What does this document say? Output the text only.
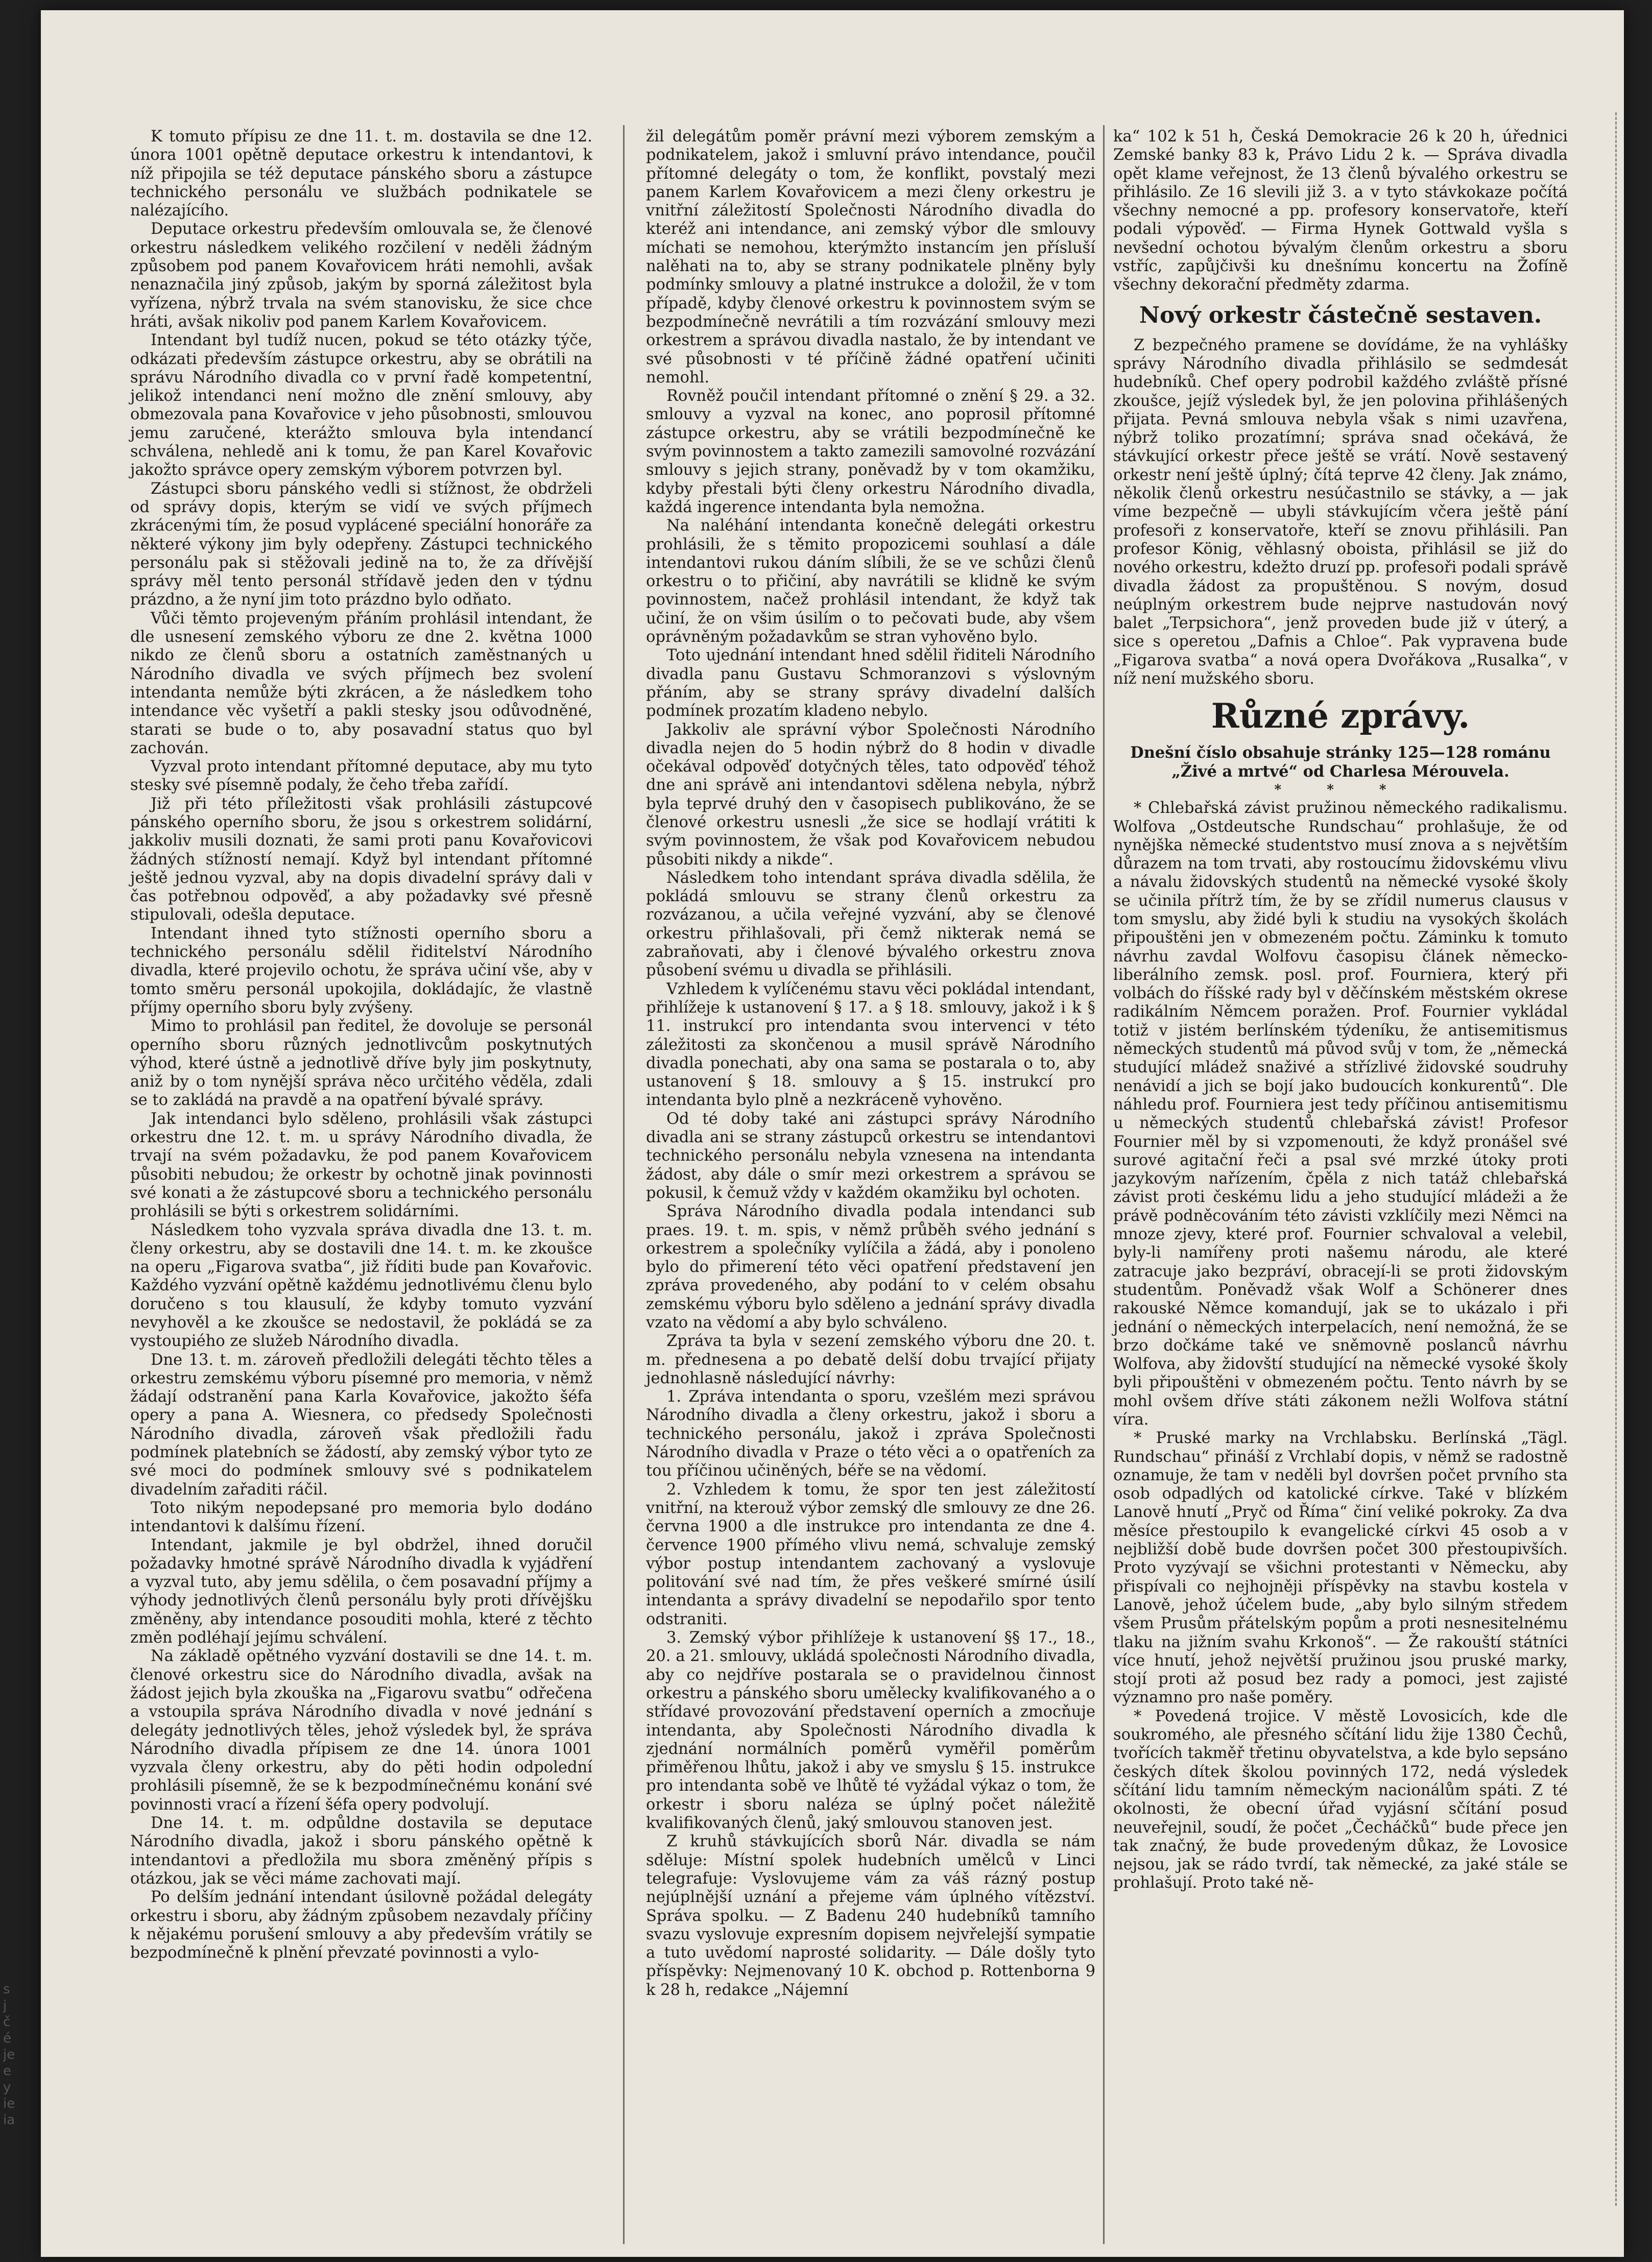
K tomuto přípisu ze dne 11. t. m. dostavila se dne 12. února 1001 opětně deputace orkestru k intendantovi, k níž připojila se též deputace pánského sboru a zástupce technického personálu ve službách podnikatele se nalézajícího.

Deputace orkestru především omlouvala se, že členové orkestru následkem velikého rozčilení v neděli žádným způsobem pod panem Kovařovicem hráti nemohli, avšak nenaznačila jiný způsob, jakým by sporná záležitost byla vyřízena, nýbrž trvala na svém stanovisku, že sice chce hráti, avšak nikoliv pod panem Karlem Kovařovicem.

Intendant byl tudíž nucen, pokud se této otázky týče, odkázati především zástupce orkestru, aby se obrátili na správu Národního divadla co v první řadě kompetentní, jelikož intendanci není možno dle znění smlouvy, aby obmezovala pana Kovařovice v jeho působnosti, smlouvou jemu zaručené, kterážto smlouva byla intendancí schválena, nehledě ani k tomu, že pan Karel Kovařovic jakožto správce opery zemským výborem potvrzen byl.

Zástupci sboru pánského vedli si stížnost, že obdrželi od správy dopis, kterým se vidí ve svých příjmech zkrácenými tím, že posud vyplácené speciální honoráře za některé výkony jim byly odepřeny. Zástupci technického personálu pak si stěžovali jedině na to, že za dřívější správy měl tento personál střídavě jeden den v týdnu prázdno, a že nyní jim toto prázdno bylo odňato.

Vůči těmto projeveným přáním prohlásil intendant, že dle usnesení zemského výboru ze dne 2. května 1000 nikdo ze členů sboru a ostatních zaměstnaných u Národního divadla ve svých příjmech bez svolení intendanta nemůže býti zkrácen, a že následkem toho intendance věc vyšetří a pakli stesky jsou odůvodněné, starati se bude o to, aby posavadní status quo byl zachován.

Vyzval proto intendant přítomné deputace, aby mu tyto stesky své písemně podaly, že čeho třeba zařídí.

Již při této příležitosti však prohlásili zástupcové pánského operního sboru, že jsou s orkestrem solidární, jakkoliv musili doznati, že sami proti panu Kovařovicovi žádných stížností nemají. Když byl intendant přítomné ještě jednou vyzval, aby na dopis divadelní správy dali v čas potřebnou odpověď, a aby požadavky své přesně stipulovali, odešla deputace.

Intendant ihned tyto stížnosti operního sboru a technického personálu sdělil řiditelství Národního divadla, které projevilo ochotu, že správa učiní vše, aby v tomto směru personál upokojila, dokládajíc, že vlastně příjmy operního sboru byly zvýšeny.

Mimo to prohlásil pan ředitel, že dovoluje se personál operního sboru různých jednotlivcům poskytnutých výhod, které ústně a jednotlivě dříve byly jim poskytnuty, aniž by o tom nynější správa něco určitého věděla, zdali se to zakládá na pravdě a na opatření bývalé správy.

Jak intendanci bylo sděleno, prohlásili však zástupci orkestru dne 12. t. m. u správy Národního divadla, že trvají na svém požadavku, že pod panem Kovařovicem působiti nebudou; že orkestr by ochotně jinak povinnosti své konati a že zástupcové sboru a technického personálu prohlásili se býti s orkestrem solidárními.

Následkem toho vyzvala správa divadla dne 13. t. m. členy orkestru, aby se dostavili dne 14. t. m. ke zkoušce na operu „Figarova svatba“, již říditi bude pan Kovařovic. Každého vyzvání opětně každému jednotlivému členu bylo doručeno s tou klausulí, že kdyby tomuto vyzvání nevyhověl a ke zkoušce se nedostavil, že pokládá se za vystoupiého ze služeb Národního divadla.

Dne 13. t. m. zároveň předložili delegáti těchto těles a orkestru zemskému výboru písemné pro memoria, v němž žádají odstranění pana Karla Kovařovice, jakožto šéfa opery a pana A. Wiesnera, co předsedy Společnosti Národního divadla, zároveň však předložili řadu podmínek platebních se žádostí, aby zemský výbor tyto ze své moci do podmínek smlouvy své s podnikatelem divadelním zařaditi ráčil.

Toto nikým nepodepsané pro memoria bylo dodáno intendantovi k dalšímu řízení.

Intendant, jakmile je byl obdržel, ihned doručil požadavky hmotné správě Národního divadla k vyjádření a vyzval tuto, aby jemu sdělila, o čem posavadní příjmy a výhody jednotlivých členů personálu byly proti dřívějšku změněny, aby intendance posouditi mohla, které z těchto změn podléhají jejímu schválení.

Na základě opětného vyzvání dostavili se dne 14. t. m. členové orkestru sice do Národního divadla, avšak na žádost jejich byla zkouška na „Figarovu svatbu“ odřečena a vstoupila správa Národního divadla v nové jednání s delegáty jednotlivých těles, jehož výsledek byl, že správa Národního divadla přípisem ze dne 14. února 1001 vyzvala členy orkestru, aby do pěti hodin odpolední prohlásili písemně, že se k bezpodmínečnému konání své povinnosti vrací a řízení šéfa opery podvolují.

Dne 14. t. m. odpůldne dostavila se deputace Národního divadla, jakož i sboru pánského opětně k intendantovi a předložila mu sbora změněný přípis s otázkou, jak se věci máme zachovati mají.

Po delším jednání intendant úsilovně požádal delegáty orkestru i sboru, aby žádným způsobem nezavdaly příčiny k nějakému porušení smlouvy a aby především vrátily se bezpodmínečně k plnění převzaté povinnosti a vylo-

žil delegátům poměr právní mezi výborem zemským a podnikatelem, jakož i smluvní právo intendance, poučil přítomné delegáty o tom, že konflikt, povstalý mezi panem Karlem Kovařovicem a mezi členy orkestru je vnitřní záležitostí Společnosti Národního divadla do kteréž ani intendance, ani zemský výbor dle smlouvy míchati se nemohou, kterýmžto instancím jen přísluší nalěhati na to, aby se strany podnikatele plněny byly podmínky smlouvy a platné instrukce a doložil, že v tom případě, kdyby členové orkestru k povinnostem svým se bezpodmínečně nevrátili a tím rozvázání smlouvy mezi orkestrem a správou divadla nastalo, že by intendant ve své působnosti v té příčině žádné opatření učiniti nemohl.

Rovněž poučil intendant přítomné o znění § 29. a 32. smlouvy a vyzval na konec, ano poprosil přítomné zástupce orkestru, aby se vrátili bezpodmínečně ke svým povinnostem a takto zamezili samovolné rozvázání smlouvy s jejich strany, poněvadž by v tom okamžiku, kdyby přestali býti členy orkestru Národního divadla, každá ingerence intendanta byla nemožna.

Na naléhání intendanta konečně delegáti orkestru prohlásili, že s těmito propozicemi souhlasí a dále intendantovi rukou dáním slíbili, že se ve schůzi členů orkestru o to přičiní, aby navrátili se klidně ke svým povinnostem, načež prohlásil intendant, že když tak učiní, že on všim úsilím o to pečovati bude, aby všem oprávněným požadavkům se stran vyhověno bylo.

Toto ujednání intendant hned sdělil řiditeli Národního divadla panu Gustavu Schmoranzovi s výslovným přáním, aby se strany správy divadelní dalších podmínek prozatím kladeno nebylo.

Jakkoliv ale správní výbor Společnosti Národního divadla nejen do 5 hodin nýbrž do 8 hodin v divadle očekával odpověď dotyčných těles, tato odpověď téhož dne ani správě ani intendantovi sdělena nebyla, nýbrž byla teprvé druhý den v časopisech publikováno, že se členové orkestru usnesli „že sice se hodlají vrátiti k svým povinnostem, že však pod Kovařovicem nebudou působiti nikdy a nikde“.

Následkem toho intendant správa divadla sdělila, že pokládá smlouvu se strany členů orkestru za rozvázanou, a učila veřejné vyzvání, aby se členové orkestru přihlašovali, při čemž nikterak nemá se zabraňovati, aby i členové bývalého orkestru znova působení svému u divadla se přihlásili.

Vzhledem k vylíčenému stavu věci pokládal intendant, přihlížeje k ustanovení § 17. a § 18. smlouvy, jakož i k § 11. instrukcí pro intendanta svou intervenci v této záležitosti za skončenou a musil správě Národního divadla ponechati, aby ona sama se postarala o to, aby ustanovení § 18. smlouvy a § 15. instrukcí pro intendanta bylo plně a nezkráceně vyhověno.

Od té doby také ani zástupci správy Národního divadla ani se strany zástupců orkestru se intendantovi technického personálu nebyla vznesena na intendanta žádost, aby dále o smír mezi orkestrem a správou se pokusil, k čemuž vždy v každém okamžiku byl ochoten.

Správa Národního divadla podala intendanci sub praes. 19. t. m. spis, v němž průběh svého jednání s orkestrem a společníky vylíčila a žádá, aby i ponoleno bylo do přimerení této věci opatření představení jen zpráva provedeného, aby podání to v celém obsahu zemskému výboru bylo sděleno a jednání správy divadla vzato na vědomí a aby bylo schváleno.

Zpráva ta byla v sezení zemského výboru dne 20. t. m. přednesena a po debatě delší dobu trvající přijaty jednohlasně následující návrhy:

1. Zpráva intendanta o sporu, vzešlém mezi správou Národního divadla a členy orkestru, jakož i sboru a technického personálu, jakož i zpráva Společnosti Národního divadla v Praze o této věci a o opatřeních za tou příčinou učiněných, béře se na vědomí.

2. Vzhledem k tomu, že spor ten jest záležitostí vnitřní, na kterouž výbor zemský dle smlouvy ze dne 26. června 1900 a dle instrukce pro intendanta ze dne 4. července 1900 přímého vlivu nemá, schvaluje zemský výbor postup intendantem zachovaný a vyslovuje politování své nad tím, že přes veškeré smírné úsilí intendanta a správy divadelní se nepodařilo spor tento odstraniti.

3. Zemský výbor přihlížeje k ustanovení §§ 17., 18., 20. a 21. smlouvy, ukládá společnosti Národního divadla, aby co nejdříve postarala se o pravidelnou činnost orkestru a pánského sboru umělecky kvalifikovaného a o střídavé provozování představení operních a zmocňuje intendanta, aby Společnosti Národního divadla k zjednání normálních poměrů vyměřil poměrům přiměřenou lhůtu, jakož i aby ve smyslu § 15. instrukce pro intendanta sobě ve lhůtě té vyžádal výkaz o tom, že orkestr i sboru naléza se úplný počet náležitě kvalifikovaných členů, jaký smlouvou stanoven jest.

Z kruhů stávkujících sborů Nár. divadla se nám sděluje: Místní spolek hudebních umělců v Linci telegrafuje: Vyslovujeme vám za váš rázný postup nejúplnější uznání a přejeme vám úplného vítězství. Správa spolku. — Z Badenu 240 hudebníků tamního svazu vyslovuje expresním dopisem nejvřelejší sympatie a tuto uvědomí naprosté solidarity. — Dále došly tyto příspěvky: Nejmenovaný 10 K. obchod p. Rottenborna 9 k 28 h, redakce „Nájemní

ka“ 102 k 51 h, Česká Demokracie 26 k 20 h, úřednici Zemské banky 83 k, Právo Lidu 2 k. — Správa divadla opět klamе veřejnost, že 13 členů bývalého orkestru se přihlásilo. Ze 16 slevili již 3. a v tyto stávkokaze počítá všechny nemocné a pp. profesory konservatoře, kteří podali výpověď. — Firma Hynek Gottwald vyšla s nevšední ochotou bývalým členům orkestru a sboru vstříc, zapůjčivši ku dnešnímu koncertu na Žofíně všechny dekorační předměty zdarma.

Nový orkestr částečně sestaven.

Z bezpečného pramene se dovídáme, že na vyhlášky správy Národního divadla přihlásilo se sedmdesát hudebníků. Chef opery podrobil každého zvláště přísné zkoušce, jejíž výsledek byl, že jen polovina přihlášených přijata. Pevná smlouva nebyla však s nimi uzavřena, nýbrž toliko prozatímní; správa snad očekává, že stávkující orkestr přece ještě se vrátí. Nově sestavený orkestr není ještě úplný; čítá teprve 42 členy. Jak známo, několik členů orkestru nesúčastnilo se stávky, a — jak víme bezpečně — ubyli stávkujícím včera ještě pání profesoři z konservatoře, kteří se znovu přihlásili. Pan profesor König, věhlasný oboista, přihlásil se již do nového orkestru, kdežto druzí pp. profesoři podali správě divadla žádost za propuštěnou. S novým, dosud neúplným orkestrem bude nejprve nastudován nový balet „Terpsichora“, jenž proveden bude již v úterý, a sice s operetou „Dafnis a Chloe“. Pak vypravena bude „Figarova svatba“ a nová opera Dvořákova „Rusalka“, v níž není mužského sboru.

Různé zprávy.

Dnešní číslo obsahuje stránky 125—128 románu „Živé a mrtvé“ od Charlesa Mérouvela.

* * *

* Chlebařská závist pružinou německého radikalismu. Wolfova „Ostdeutsche Rundschau“ prohlašuje, že od nynějška německé studentstvo musí znova a s největším důrazem na tom trvati, aby rostoucímu židovskému vlivu a návalu židovských studentů na německé vysoké školy se učinila přítrž tím, že by se zřídil numerus clausus v tom smyslu, aby židé byli k studiu na vysokých školách připouštěni jen v obmezeném počtu. Záminku k tomuto návrhu zavdal Wolfovu časopisu článek německo-liberálního zemsk. posl. prof. Fourniera, který při volbách do říšské rady byl v děčínském městském okrese radikálním Němcem poražen. Prof. Fournier vykládal totiž v jistém berlínském týdeníku, že antisemitismus německých studentů má původ svůj v tom, že „německá studující mládež snaživé a střízlivé židovské soudruhy nenávidí a jich se bojí jako budoucích konkurentů“. Dle náhledu prof. Fourniera jest tedy příčinou antisemitismu u německých studentů chlebařská závist! Profesor Fournier měl by si vzpomenouti, že když pronášel své surové agitační řeči a psal své mrzké útoky proti jazykovým nařízením, čpěla z nich tatáž chlebařská závist proti českému lidu a jeho studující mládeži a že právě podněcováním této závisti vzklíčily mezi Němci na mnoze zjevy, které prof. Fournier schvaloval a velebil, byly-li namířeny proti našemu národu, ale které zatracuje jako bezpráví, obracejí-li se proti židovským studentům. Poněvadž však Wolf a Schönerer dnes rakouské Němce komandují, jak se to ukázalo i při jednání o německých interpelacích, není nemožná, že se brzo dočkáme také ve sněmovně poslanců návrhu Wolfova, aby židovští studující na německé vysoké školy byli připouštěni v obmezeném počtu. Tento návrh by se mohl ovšem dříve státi zákonem nežli Wolfova státní víra.

* Pruské marky na Vrchlabsku. Berlínská „Tägl. Rundschau“ přináší z Vrchlabí dopis, v němž se radostně oznamuje, že tam v neděli byl dovršen počet prvního sta osob odpadlých od katolické církve. Také v blízkém Lanově hnutí „Pryč od Říma“ činí veliké pokroky. Za dva měsíce přestoupilo k evangelické církvi 45 osob a v nejbližší době bude dovršen počet 300 přestoupivších. Proto vyzývají se všichni protestanti v Německu, aby přispívali co nejhojněji příspěvky na stavbu kostela v Lanově, jehož účelem bude, „aby bylo silným středem všem Prusům přátelským popům a proti nesnesitelnému tlaku na jižním svahu Krkonoš“. — Že rakouští státníci více hnutí, jehož největší pružinou jsou pruské marky, stojí proti až posud bez rady a pomoci, jest zajisté významno pro naše poměry.

* Povedená trojice. V městě Lovosicích, kde dle soukromého, ale přesného sčítání lidu žije 1380 Čechů, tvořících takměř třetinu obyvatelstva, a kde bylo sepsáno českých dítek školou povinných 172, nedá výsledek sčítání lidu tamním německým nacionálům spáti. Z té okolnosti, že obecní úřad vyjásní sčítání posud neuveřejnil, soudí, že počet „Čecháčků“ bude přece jen tak značný, že bude provedeným důkaz, že Lovosice nejsou, jak se rádo tvrdí, tak německé, za jaké stále se prohlašují. Proto také ně-

s
j
č
é
je
e
y
ie
ia
